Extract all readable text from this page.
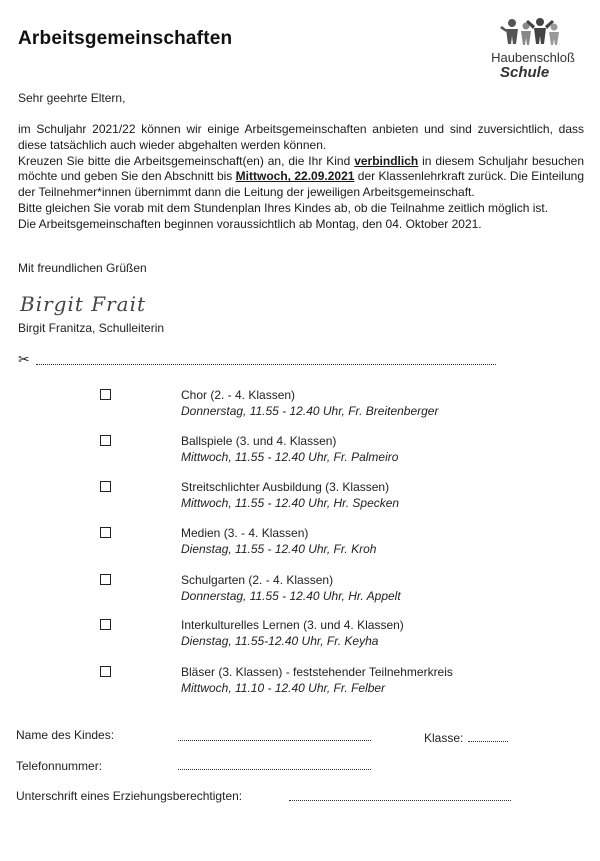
Arbeitsgemeinschaften
Haubenschloß
Schule
Sehr geehrte Eltern,

im Schuljahr 2021/22 können wir einige Arbeitsgemeinschaften anbieten und sind zuversichtlich, dass diese tatsächlich auch wieder abgehalten werden können.

Kreuzen Sie bitte die Arbeitsgemeinschaft(en) an, die Ihr Kind verbindlich in diesem Schuljahr besuchen möchte und geben Sie den Abschnitt bis Mittwoch, 22.09.2021 der Klassenlehrkraft zurück. Die Einteilung der Teilnehmer*innen übernimmt dann die Leitung der jeweiligen Arbeitsgemeinschaft.

Bitte gleichen Sie vorab mit dem Stundenplan Ihres Kindes ab, ob die Teilnahme zeitlich möglich ist.

Die Arbeitsgemeinschaften beginnen voraussichtlich ab Montag, den 04. Oktober 2021.

Mit freundlichen Grüßen
Birgit Frait
Birgit Franitza, Schulleiterin
✂
Chor (2. - 4. Klassen)
Donnerstag, 11.55 - 12.40 Uhr, Fr. Breitenberger
Ballspiele (3. und 4. Klassen)
Mittwoch, 11.55 - 12.40 Uhr, Fr. Palmeiro
Streitschlichter Ausbildung (3. Klassen)
Mittwoch, 11.55 - 12.40 Uhr, Hr. Specken
Medien (3. - 4. Klassen)
Dienstag, 11.55 - 12.40 Uhr, Fr. Kroh
Schulgarten (2. - 4. Klassen)
Donnerstag, 11.55 - 12.40 Uhr, Hr. Appelt
Interkulturelles Lernen (3. und 4. Klassen)
Dienstag, 11.55-12.40 Uhr, Fr. Keyha
Bläser (3. Klassen) - feststehender Teilnehmerkreis
Mittwoch, 11.10 - 12.40 Uhr, Fr. Felber
Name des Kindes:	Klasse:
Telefonnummer:
Unterschrift eines Erziehungsberechtigten:
